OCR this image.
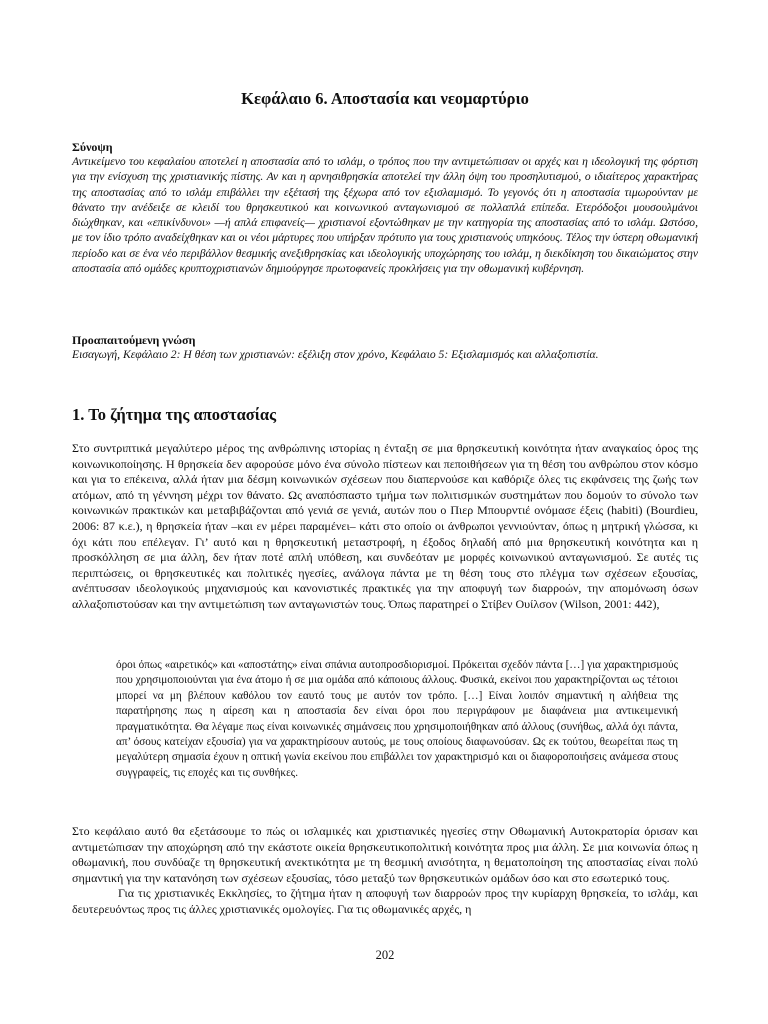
Κεφάλαιο 6. Αποστασία και νεομαρτύριο

Σύνοψη

Αντικείμενο του κεφαλαίου αποτελεί η αποστασία από το ισλάμ, ο τρόπος που την αντιμετώπισαν οι αρχές και η ιδεολογική της φόρτιση για την ενίσχυση της χριστιανικής πίστης. Αν και η αρνησιθρησκία αποτελεί την άλλη όψη του προσηλυτισμού, ο ιδιαίτερος χαρακτήρας της αποστασίας από το ισλάμ επιβάλλει την εξέτασή της ξέχωρα από τον εξισλαμισμό. Το γεγονός ότι η αποστασία τιμωρούνταν με θάνατο την ανέδειξε σε κλειδί του θρησκευτικού και κοινωνικού ανταγωνισμού σε πολλαπλά επίπεδα. Ετερόδοξοι μουσουλμάνοι διώχθηκαν, και «επικίνδυνοι» —ή απλά επιφανείς— χριστιανοί εξοντώθηκαν με την κατηγορία της αποστασίας από το ισλάμ. Ωστόσο, με τον ίδιο τρόπο αναδείχθηκαν και οι νέοι μάρτυρες που υπήρξαν πρότυπο για τους χριστιανούς υπηκόους. Τέλος την ύστερη οθωμανική περίοδο και σε ένα νέο περιβάλλον θεσμικής ανεξιθρησκίας και ιδεολογικής υποχώρησης του ισλάμ, η διεκδίκηση του δικαιώματος στην αποστασία από ομάδες κρυπτοχριστιανών δημιούργησε πρωτοφανείς προκλήσεις για την οθωμανική κυβέρνηση.

Προαπαιτούμενη γνώση

Εισαγωγή, Κεφάλαιο 2: Η θέση των χριστιανών: εξέλιξη στον χρόνο, Κεφάλαιο 5: Εξισλαμισμός και αλλαξοπιστία.

1. Το ζήτημα της αποστασίας

Στο συντριπτικά μεγαλύτερο μέρος της ανθρώπινης ιστορίας η ένταξη σε μια θρησκευτική κοινότητα ήταν αναγκαίος όρος της κοινωνικοποίησης. Η θρησκεία δεν αφορούσε μόνο ένα σύνολο πίστεων και πεποιθήσεων για τη θέση του ανθρώπου στον κόσμο και για το επέκεινα, αλλά ήταν μια δέσμη κοινωνικών σχέσεων που διαπερνούσε και καθόριζε όλες τις εκφάνσεις της ζωής των ατόμων, από τη γέννηση μέχρι τον θάνατο. Ως αναπόσπαστο τμήμα των πολιτισμικών συστημάτων που δομούν το σύνολο των κοινωνικών πρακτικών και μεταβιβάζονται από γενιά σε γενιά, αυτών που ο Πιερ Μπουρντιέ ονόμασε έξεις (habiti) (Bourdieu, 2006: 87 κ.ε.), η θρησκεία ήταν –και εν μέρει παραμένει– κάτι στο οποίο οι άνθρωποι γεννιούνταν, όπως η μητρική γλώσσα, κι όχι κάτι που επέλεγαν. Γι’ αυτό και η θρησκευτική μεταστροφή, η έξοδος δηλαδή από μια θρησκευτική κοινότητα και η προσκόλληση σε μια άλλη, δεν ήταν ποτέ απλή υπόθεση, και συνδεόταν με μορφές κοινωνικού ανταγωνισμού. Σε αυτές τις περιπτώσεις, οι θρησκευτικές και πολιτικές ηγεσίες, ανάλογα πάντα με τη θέση τους στο πλέγμα των σχέσεων εξουσίας, ανέπτυσσαν ιδεολογικούς μηχανισμούς και κανονιστικές πρακτικές για την αποφυγή των διαρροών, την απομόνωση όσων αλλαξοπιστούσαν και την αντιμετώπιση των ανταγωνιστών τους. Όπως παρατηρεί ο Στίβεν Ουίλσον (Wilson, 2001: 442),

όροι όπως «αιρετικός» και «αποστάτης» είναι σπάνια αυτοπροσδιορισμοί. Πρόκειται σχεδόν πάντα […] για χαρακτηρισμούς που χρησιμοποιούνται για ένα άτομο ή σε μια ομάδα από κάποιους άλλους. Φυσικά, εκείνοι που χαρακτηρίζονται ως τέτοιοι μπορεί να μη βλέπουν καθόλου τον εαυτό τους με αυτόν τον τρόπο. […] Είναι λοιπόν σημαντική η αλήθεια της παρατήρησης πως η αίρεση και η αποστασία δεν είναι όροι που περιγράφουν με διαφάνεια μια αντικειμενική πραγματικότητα. Θα λέγαμε πως είναι κοινωνικές σημάνσεις που χρησιμοποιήθηκαν από άλλους (συνήθως, αλλά όχι πάντα, απ’ όσους κατείχαν εξουσία) για να χαρακτηρίσουν αυτούς, με τους οποίους διαφωνούσαν. Ως εκ τούτου, θεωρείται πως τη μεγαλύτερη σημασία έχουν η οπτική γωνία εκείνου που επιβάλλει τον χαρακτηρισμό και οι διαφοροποιήσεις ανάμεσα στους συγγραφείς, τις εποχές και τις συνθήκες.

Στο κεφάλαιο αυτό θα εξετάσουμε το πώς οι ισλαμικές και χριστιανικές ηγεσίες στην Οθωμανική Αυτοκρατορία όρισαν και αντιμετώπισαν την αποχώρηση από την εκάστοτε οικεία θρησκευτικοπολιτική κοινότητα προς μια άλλη. Σε μια κοινωνία όπως η οθωμανική, που συνδύαζε τη θρησκευτική ανεκτικότητα με τη θεσμική ανισότητα, η θεματοποίηση της αποστασίας είναι πολύ σημαντική για την κατανόηση των σχέσεων εξουσίας, τόσο μεταξύ των θρησκευτικών ομάδων όσο και στο εσωτερικό τους.

Για τις χριστιανικές Εκκλησίες, το ζήτημα ήταν η αποφυγή των διαρροών προς την κυρίαρχη θρησκεία, το ισλάμ, και δευτερευόντως προς τις άλλες χριστιανικές ομολογίες. Για τις οθωμανικές αρχές, η

202
